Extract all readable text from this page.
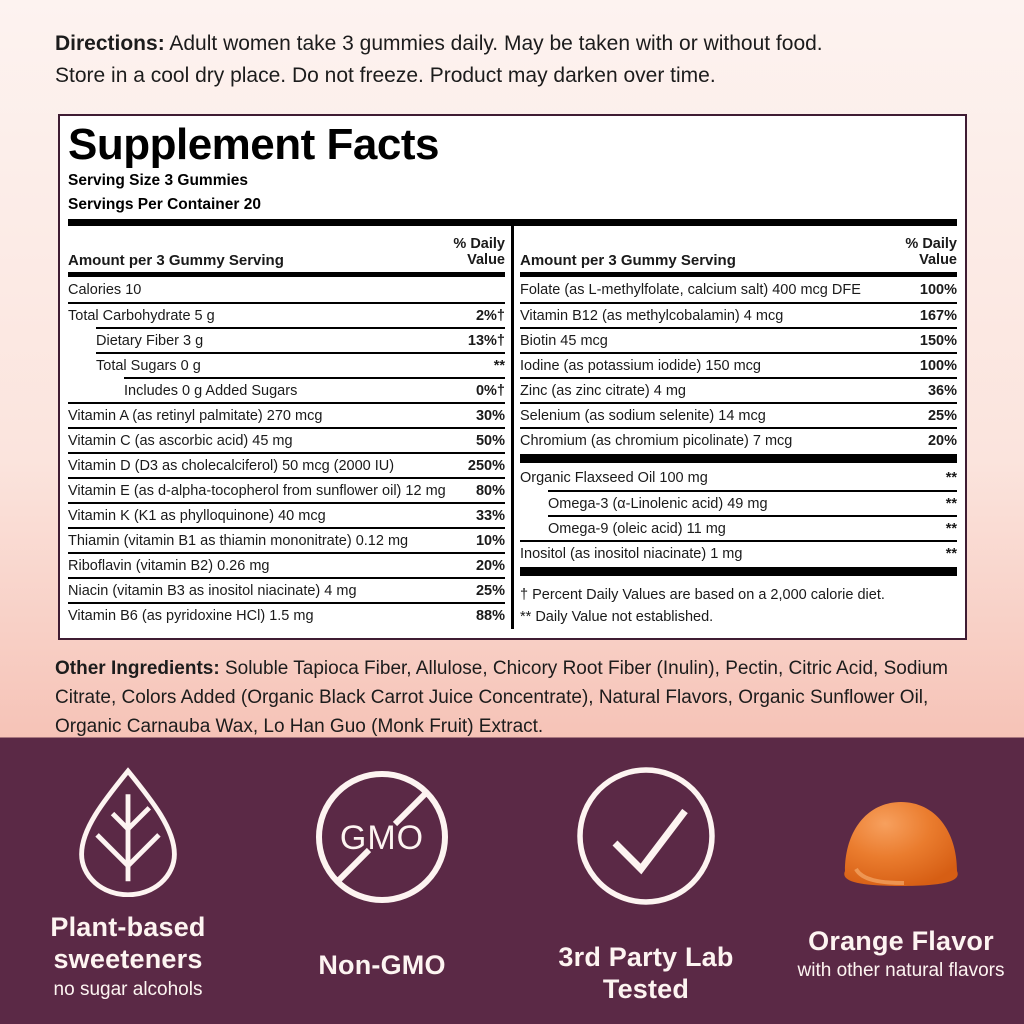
Directions: Adult women take 3 gummies daily. May be taken with or without food.
Store in a cool dry place. Do not freeze. Product may darken over time.
Supplement Facts
Serving Size 3 Gummies
Servings Per Container 20
Amount per 3 Gummy Serving
% Daily Value
Calories 10
Total Carbohydrate 5 g	2%†
Dietary Fiber 3 g	13%†
Total Sugars 0 g	**
Includes 0 g Added Sugars	0%†
Vitamin A (as retinyl palmitate) 270 mcg	30%
Vitamin C (as ascorbic acid) 45 mg	50%
Vitamin D (D3 as cholecalciferol) 50 mcg (2000 IU)	250%
Vitamin E (as d-alpha-tocopherol from sunflower oil) 12 mg	80%
Vitamin K (K1 as phylloquinone) 40 mcg	33%
Thiamin (vitamin B1 as thiamin mononitrate) 0.12 mg	10%
Riboflavin (vitamin B2) 0.26 mg	20%
Niacin (vitamin B3 as inositol niacinate) 4 mg	25%
Vitamin B6 (as pyridoxine HCl) 1.5 mg	88%
Amount per 3 Gummy Serving
% Daily Value
Folate (as L-methylfolate, calcium salt) 400 mcg DFE	100%
Vitamin B12 (as methylcobalamin) 4 mcg	167%
Biotin 45 mcg	150%
Iodine (as potassium iodide) 150 mcg	100%
Zinc (as zinc citrate) 4 mg	36%
Selenium (as sodium selenite) 14 mcg	25%
Chromium (as chromium picolinate) 7 mcg	20%
Organic Flaxseed Oil 100 mg	**
Omega-3 (α-Linolenic acid) 49 mg	**
Omega-9 (oleic acid) 11 mg	**
Inositol (as inositol niacinate) 1 mg	**
† Percent Daily Values are based on a 2,000 calorie diet.
** Daily Value not established.
Other Ingredients: Soluble Tapioca Fiber, Allulose, Chicory Root Fiber (Inulin), Pectin, Citric Acid, Sodium Citrate, Colors Added (Organic Black Carrot Juice Concentrate), Natural Flavors, Organic Sunflower Oil, Organic Carnauba Wax, Lo Han Guo (Monk Fruit) Extract.
Plant-based
sweeteners
no sugar alcohols
GMO
Non-GMO	3rd Party Lab Tested
Orange Flavor
with other natural flavors
